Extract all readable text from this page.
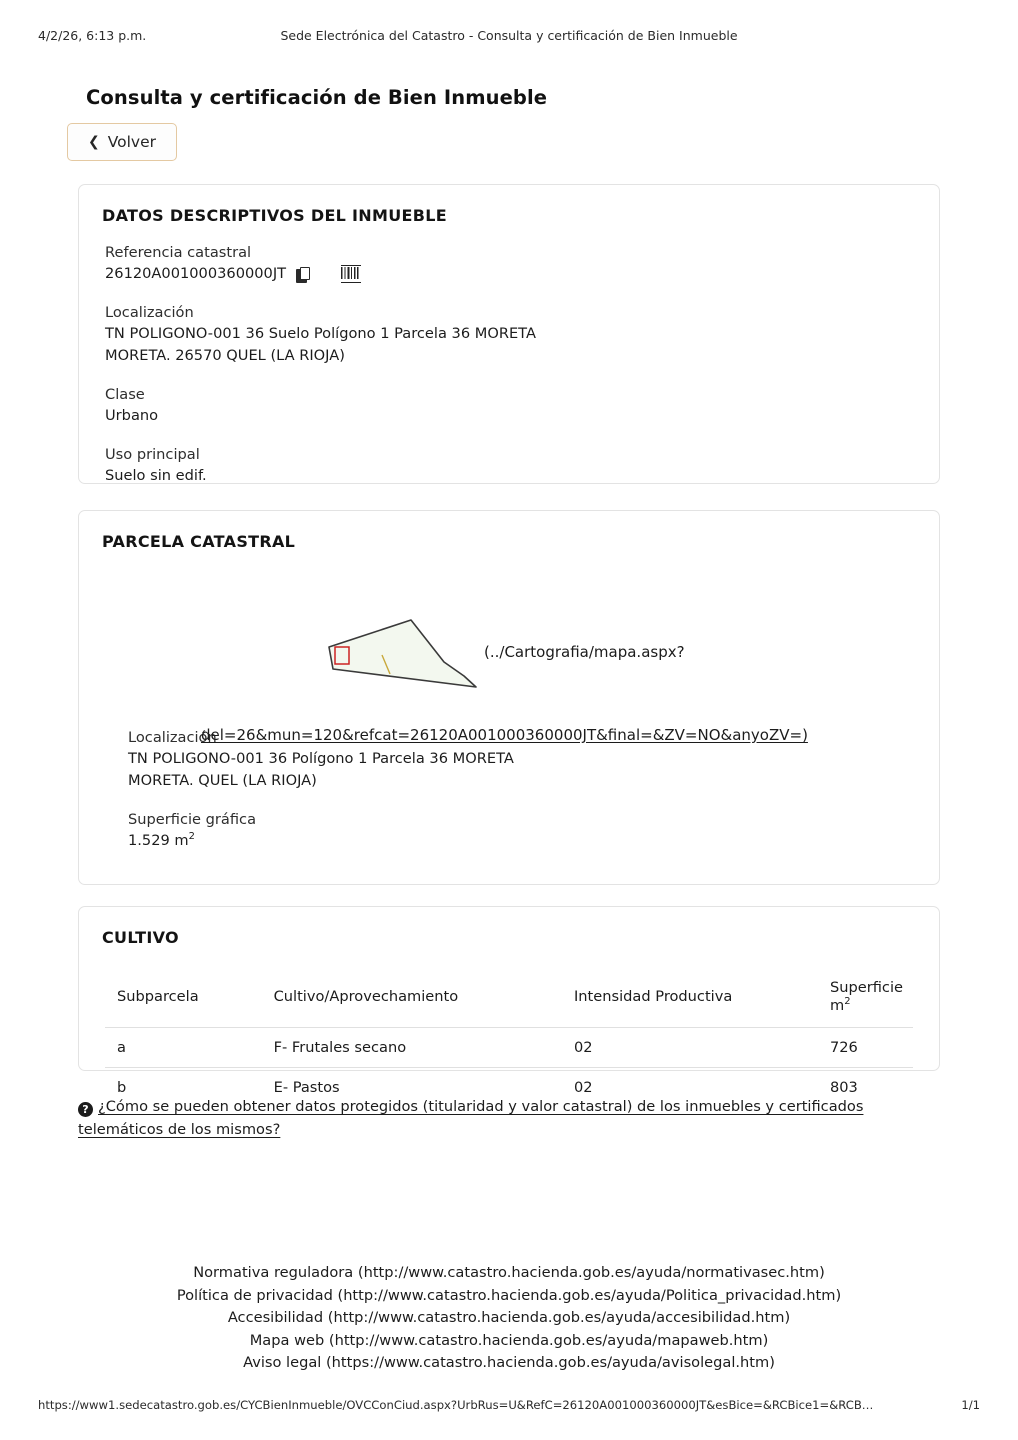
4/2/26, 6:13 p.m.	Sede Electrónica del Catastro - Consulta y certificación de Bien Inmueble
Consulta y certificación de Bien Inmueble
❮ Volver
DATOS DESCRIPTIVOS DEL INMUEBLE
Referencia catastral
26120A001000360000JT
Localización
TN POLIGONO-001 36 Suelo Polígono 1 Parcela 36 MORETA
MORETA. 26570 QUEL (LA RIOJA)
Clase
Urbano
Uso principal
Suelo sin edif.
PARCELA CATASTRAL
(../Cartografia/mapa.aspx?
del=26&mun=120&refcat=26120A001000360000JT&final=&ZV=NO&anyoZV=)
Localización
TN POLIGONO-001 36 Polígono 1 Parcela 36 MORETA
MORETA. QUEL (LA RIOJA)
Superficie gráfica
1.529 $m^2$
CULTIVO
Subparcela	Cultivo/Aprovechamiento	Intensidad Productiva	Superficie $m^2$
a	F- Frutales secano	02	726
b	E- Pastos	02	803
? ¿Cómo se pueden obtener datos protegidos (titularidad y valor catastral) de los inmuebles y certificados
telemáticos de los mismos?
Normativa reguladora (http://www.catastro.hacienda.gob.es/ayuda/normativasec.htm)
Política de privacidad (http://www.catastro.hacienda.gob.es/ayuda/Politica_privacidad.htm)
Accesibilidad (http://www.catastro.hacienda.gob.es/ayuda/accesibilidad.htm)
Mapa web (http://www.catastro.hacienda.gob.es/ayuda/mapaweb.htm)
Aviso legal (https://www.catastro.hacienda.gob.es/ayuda/avisolegal.htm)
https://www1.sedecatastro.gob.es/CYCBienInmueble/OVCConCiud.aspx?UrbRus=U&RefC=26120A001000360000JT&esBice=&RCBice1=&RCB…	1/1
